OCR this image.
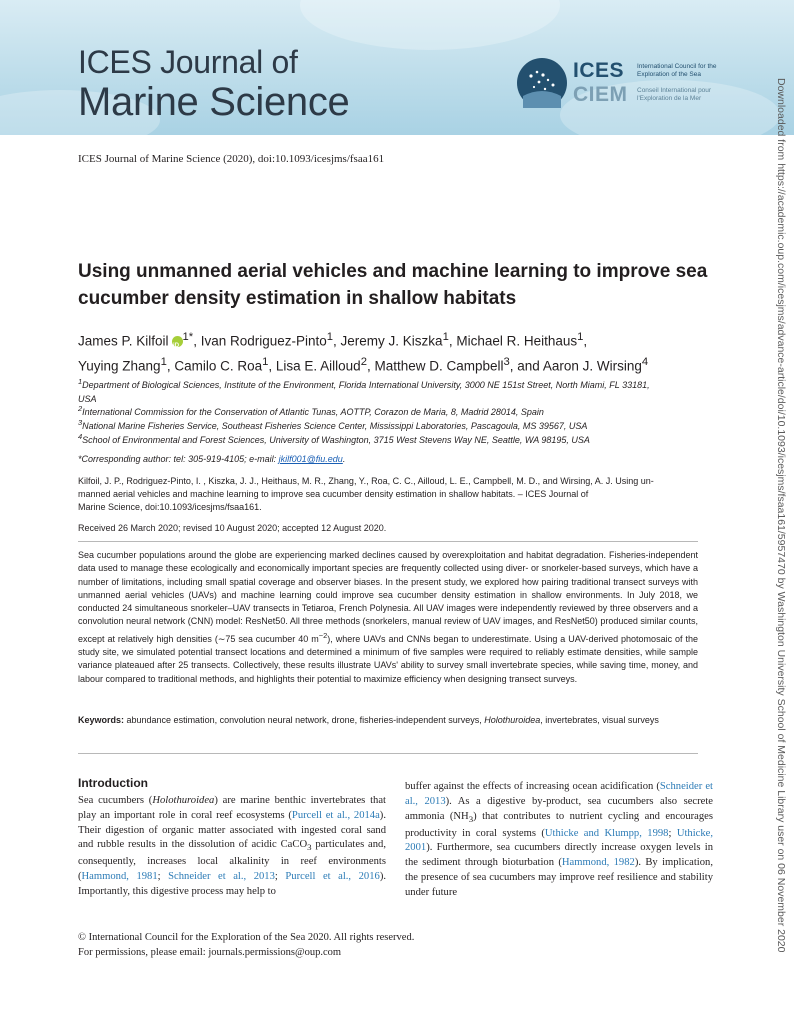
ICES Journal of
Marine Science
ICES
CIEM
International Council for the Exploration of the Sea
Conseil International pour l'Exploration de la Mer	Downloaded from https://academic.oup.com/icesjms/advance-article/doi/10.1093/icesjms/fsaa161/5957470 by Washington University School of Medicine Library user on 06 November 2020
ICES Journal of Marine Science (2020), doi:10.1093/icesjms/fsaa161
Using unmanned aerial vehicles and machine learning to improve sea cucumber density estimation in shallow habitats
James P. KilfoiliD $^{1*}$, Ivan Rodriguez-Pinto$^1$, Jeremy J. Kiszka$^1$, Michael R. Heithaus$^1$,
Yuying Zhang$^1$, Camilo C. Roa$^1$, Lisa E. Ailloud$^2$, Matthew D. Campbell$^3$, and Aaron J. Wirsing$^4$
$^1$Department of Biological Sciences, Institute of the Environment, Florida International University, 3000 NE 151st Street, North Miami, FL 33181,
USA
$^2$International Commission for the Conservation of Atlantic Tunas, AOTTP, Corazon de Maria, 8, Madrid 28014, Spain
$^3$National Marine Fisheries Service, Southeast Fisheries Science Center, Mississippi Laboratories, Pascagoula, MS 39567, USA
$^4$School of Environmental and Forest Sciences, University of Washington, 3715 West Stevens Way NE, Seattle, WA 98195, USA
*Corresponding author: tel: 305-919-4105; e-mail: jkilf001@fiu.edu.
Kilfoil, J. P., Rodriguez-Pinto, I. , Kiszka, J. J., Heithaus, M. R., Zhang, Y., Roa, C. C., Ailloud, L. E., Campbell, M. D., and Wirsing, A. J. Using un-
manned aerial vehicles and machine learning to improve sea cucumber density estimation in shallow habitats. – ICES Journal of
Marine Science, doi:10.1093/icesjms/fsaa161.
Received 26 March 2020; revised 10 August 2020; accepted 12 August 2020.
Sea cucumber populations around the globe are experiencing marked declines caused by overexploitation and habitat degradation. Fisheries-independent data used to manage these ecologically and economically important species are frequently collected using diver- or snorkeler-based surveys, which have a number of limitations, including small spatial coverage and observer biases. In the present study, we explored how pairing traditional transect surveys with unmanned aerial vehicles (UAVs) and machine learning could improve sea cucumber density estimation in shallow environments. In July 2018, we conducted 24 simultaneous snorkeler–UAV transects in Tetiaroa, French Polynesia. All UAV images were independently reviewed by three observers and a convolution neural network (CNN) model: ResNet50. All three methods (snorkelers, manual review of UAV images, and ResNet50) produced similar counts, except at relatively high densities (∼75 sea cucumber 40 $m^{-2}$), where UAVs and CNNs began to underestimate. Using a UAV-derived photomosaic of the study site, we simulated potential transect locations and determined a minimum of five samples were required to reliably estimate densities, while sample variance plateaued after 25 transects. Collectively, these results illustrate UAVs' ability to survey small invertebrate species, while saving time, money, and labour compared to traditional methods, and highlights their potential to maximize efficiency when designing transect surveys.
Keywords: abundance estimation, convolution neural network, drone, fisheries-independent surveys, Holothuroidea, invertebrates, visual surveys
Introduction
Sea cucumbers (Holothuroidea) are marine benthic invertebrates that play an important role in coral reef ecosystems (Purcell et al., 2014a). Their digestion of organic matter associated with ingested coral sand and rubble results in the dissolution of acidic CaCO$_3$ particulates and, consequently, increases local alkalinity in reef environments (Hammond, 1981; Schneider et al., 2013; Purcell et al., 2016). Importantly, this digestive process may help to
buffer against the effects of increasing ocean acidification (Schneider et al., 2013). As a digestive by-product, sea cucumbers also secrete ammonia $(NH_3)$ that contributes to nutrient cycling and encourages productivity in coral systems (Uthicke and Klumpp, 1998; Uthicke, 2001). Furthermore, sea cucumbers directly increase oxygen levels in the sediment through bioturbation (Hammond, 1982). By implication, the presence of sea cucumbers may improve reef resilience and stability under future
© International Council for the Exploration of the Sea 2020. All rights reserved.
For permissions, please email: journals.permissions@oup.com
